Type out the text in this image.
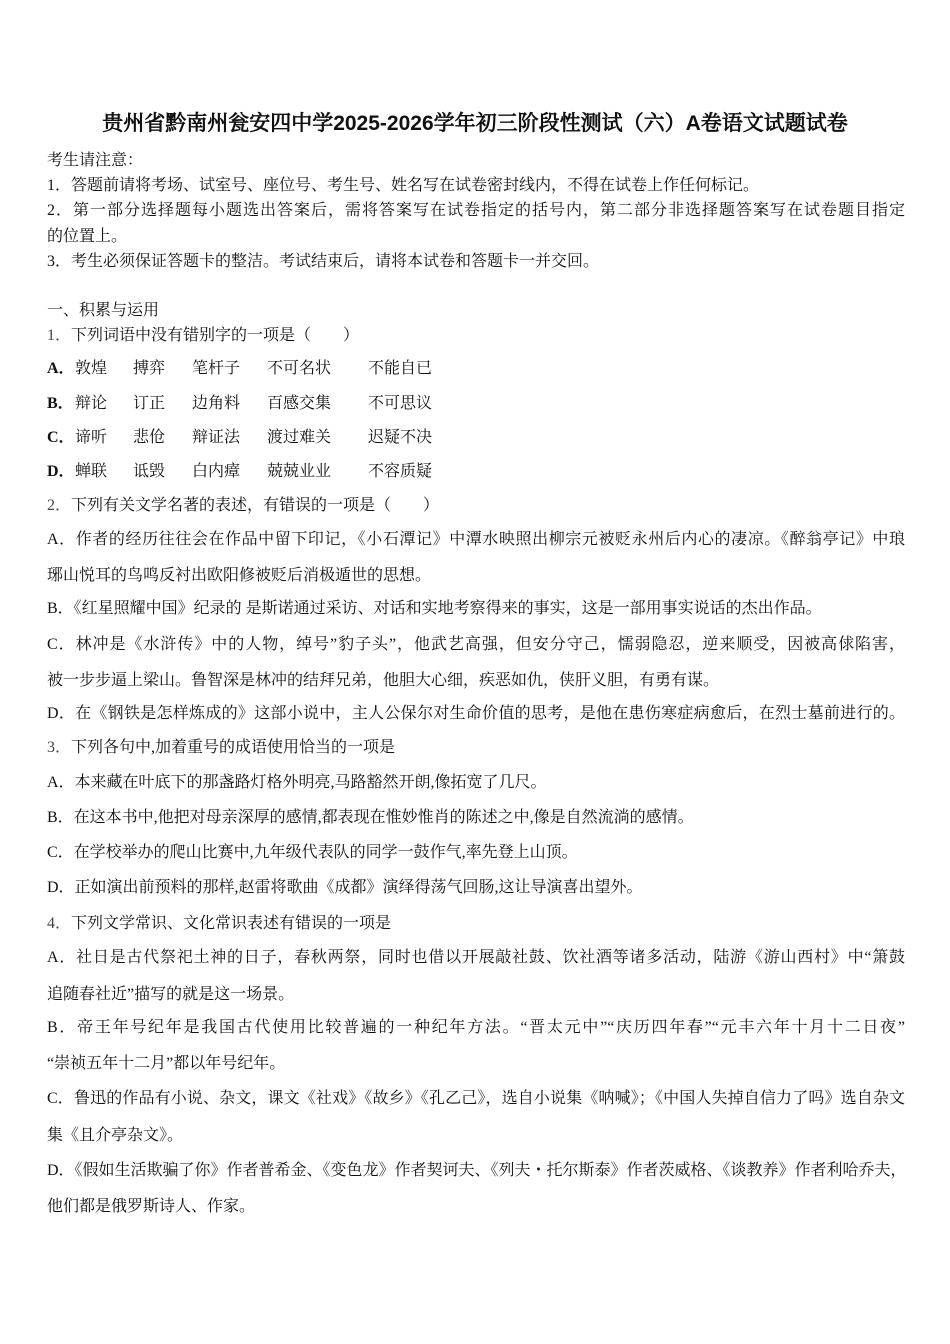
贵州省黔南州瓮安四中学2025-2026学年初三阶段性测试（六）A卷语文试题试卷
考生请注意：
1．答题前请将考场、试室号、座位号、考生号、姓名写在试卷密封线内，不得在试卷上作任何标记。
2．第一部分选择题每小题选出答案后，需将答案写在试卷指定的括号内，第二部分非选择题答案写在试卷题目指定
的位置上。
3．考生必须保证答题卡的整洁。考试结束后，请将本试卷和答题卡一并交回。
一、积累与运用
1．下列词语中没有错别字的一项是（　　）
A． 敦煌 搏弈 笔杆子 不可名状 不能自已
B． 辩论 订正 边角料 百感交集 不可思议
C． 谛听 悲伧 辩证法 渡过难关 迟疑不决
D． 蝉联 诋毁 白内瘴 兢兢业业 不容质疑
2．下列有关文学名著的表述，有错误的一项是（　　）
A．作者的经历往往会在作品中留下印记，《小石潭记》中潭水映照出柳宗元被贬永州后内心的凄凉。《醉翁亭记》中琅
琊山悦耳的鸟鸣反衬出欧阳修被贬后消极遁世的思想。
B．《红星照耀中国》纪录的 是斯诺通过采访、对话和实地考察得来的事实，这是一部用事实说话的杰出作品。
C．林冲是《水浒传》中的人物，绰号”豹子头”，他武艺高强，但安分守己，懦弱隐忍，逆来顺受，因被高俅陷害，
被一步步逼上梁山。鲁智深是林冲的结拜兄弟，他胆大心细，疾恶如仇，侠肝义胆，有勇有谋。
D．在《钢铁是怎样炼成的》这部小说中，主人公保尔对生命价值的思考，是他在患伤寒症病愈后，在烈士墓前进行的。
3．下列各句中,加着重号的成语使用恰当的一项是
A．本来藏在叶底下的那盏路灯格外明亮,马路豁然开朗,像拓宽了几尺。
B．在这本书中,他把对母亲深厚的感情,都表现在惟妙惟肖的陈述之中,像是自然流淌的感情。
C．在学校举办的爬山比赛中,九年级代表队的同学一鼓作气,率先登上山顶。
D．正如演出前预料的那样,赵雷将歌曲《成都》演绎得荡气回肠,这让导演喜出望外。
4．下列文学常识、文化常识表述有错误的一项是
A．社日是古代祭祀土神的日子，春秋两祭，同时也借以开展敲社鼓、饮社酒等诸多活动，陆游《游山西村》中“箫鼓
追随春社近”描写的就是这一场景。
B．帝王年号纪年是我国古代使用比较普遍的一种纪年方法。“晋太元中”“庆历四年春”“元丰六年十月十二日夜”
“崇祯五年十二月”都以年号纪年。
C．鲁迅的作品有小说、杂文，课文《社戏》《故乡》《孔乙己》，选自小说集《呐喊》；《中国人失掉自信力了吗》选自杂文
集《且介亭杂文》。
D．《假如生活欺骗了你》作者普希金、《变色龙》作者契诃夫、《列夫・托尔斯泰》作者茨威格、《谈教养》作者利哈乔夫，
他们都是俄罗斯诗人、作家。
